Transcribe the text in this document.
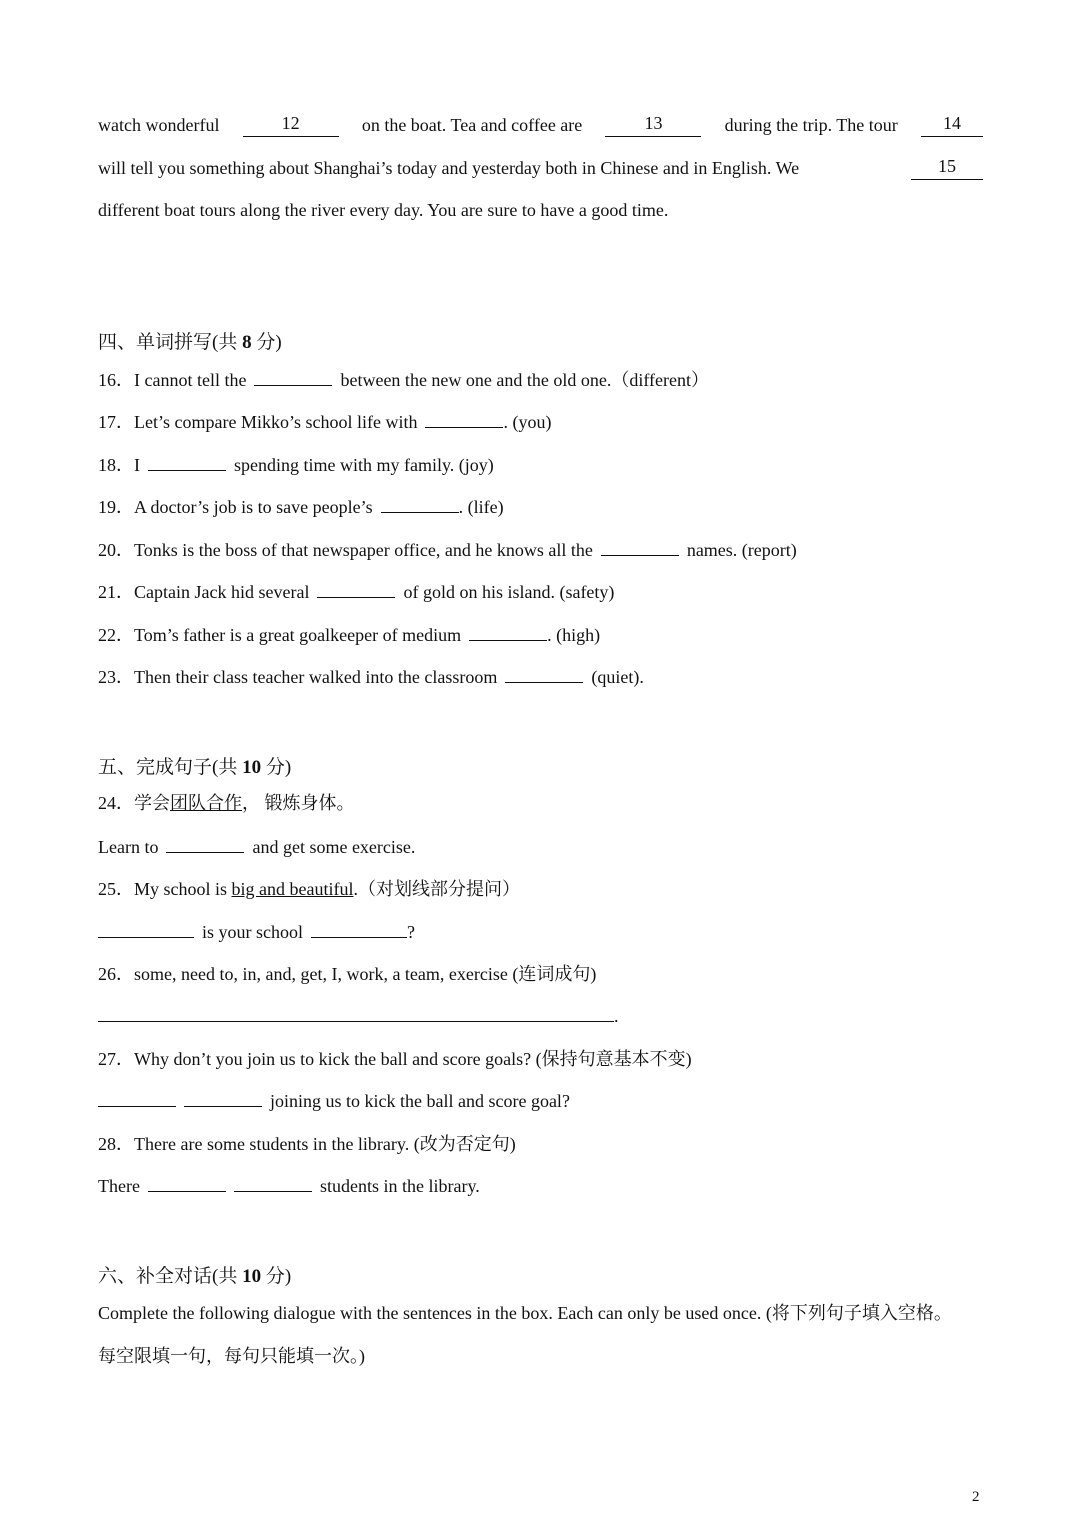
watch wonderful	12	on the boat. Tea and coffee are	13	during the trip. The tour	14
will tell you something about Shanghai’s today and yesterday both in Chinese and in English. We	15
different boat tours along the river every day. You are sure to have a good time.
四、单词拼写(共 8 分)
16．I cannot tell the	between the new one and the old one.（different）
17．Let’s compare Mikko’s school life with	. (you)
18．I	spending time with my family. (joy)
19．A doctor’s job is to save people’s	. (life)
20．Tonks is the boss of that newspaper office, and he knows all the	names. (report)
21．Captain Jack hid several	of gold on his island. (safety)
22．Tom’s father is a great goalkeeper of medium	. (high)
23．Then their class teacher walked into the classroom	(quiet).
五、完成句子(共 10 分)
24．学会团队合作， 锻炼身体。
Learn to	and get some exercise.
25．My school is big and beautiful.（对划线部分提问）
is your school	?
26．some, need to, in, and, get, I, work, a team, exercise (连词成句)
.
27．Why don’t you join us to kick the ball and score goals? (保持句意基本不变)
joining us to kick the ball and score goal?
28．There are some students in the library. (改为否定句)
There	students in the library.
六、补全对话(共 10 分)
Complete the following dialogue with the sentences in the box. Each can only be used once. (将下列句子填入空格。
每空限填一句，每句只能填一次。)
2
